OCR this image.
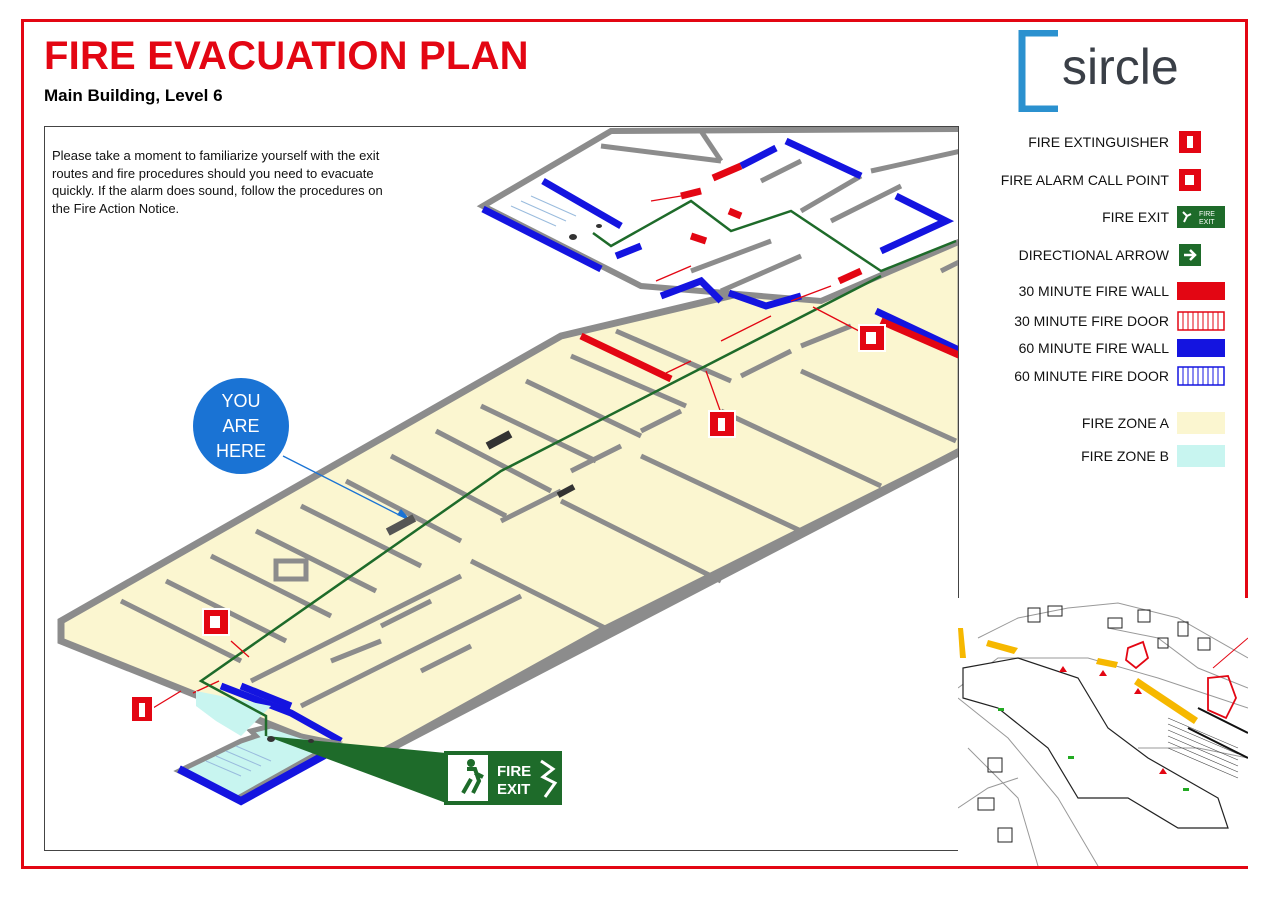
FIRE EVACUATION PLAN
Main Building, Level 6
sircle
YOU
ARE
HERE
FIRE
EXIT
Please take a moment to familiarize yourself with the exit routes and fire procedures should you need to evacuate quickly. If the alarm does sound, follow the procedures on the Fire Action Notice.
FIRE EXTINGUISHER
FIRE ALARM CALL POINT
FIRE EXIT	FIRE
EXIT
DIRECTIONAL ARROW
30 MINUTE FIRE WALL
30 MINUTE FIRE DOOR
60 MINUTE FIRE WALL
60 MINUTE FIRE DOOR
FIRE ZONE A
FIRE ZONE B
